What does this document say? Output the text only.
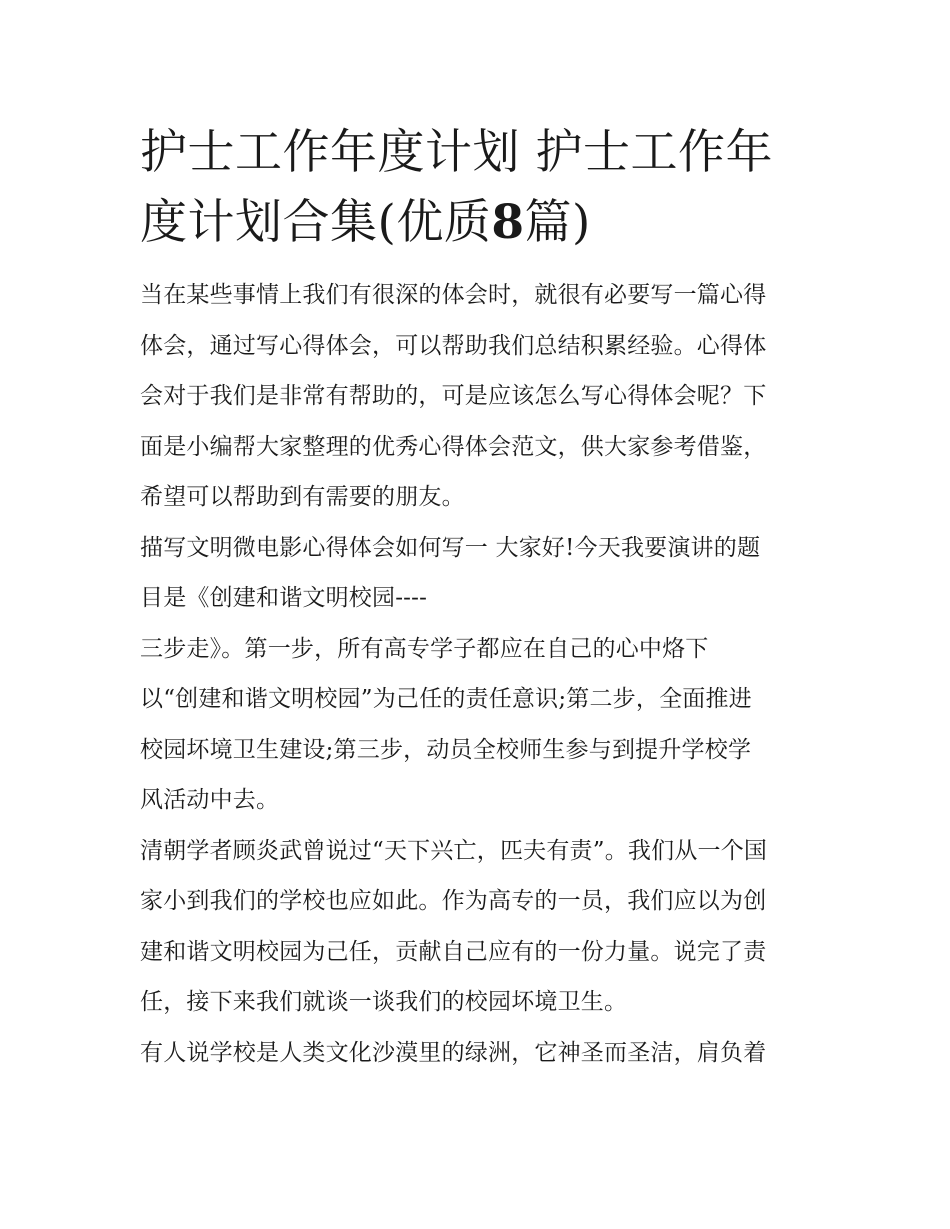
护士工作年度计划 护士工作年
度计划合集(优质8篇)
当在某些事情上我们有很深的体会时，就很有必要写一篇心得
体会，通过写心得体会，可以帮助我们总结积累经验。心得体
会对于我们是非常有帮助的，可是应该怎么写心得体会呢？下
面是小编帮大家整理的优秀心得体会范文，供大家参考借鉴，
希望可以帮助到有需要的朋友。
描写文明微电影心得体会如何写一 大家好!今天我要演讲的题
目是《创建和谐文明校园----
三步走》。第一步，所有高专学子都应在自己的心中烙下
以“创建和谐文明校园”为己任的责任意识;第二步，全面推进
校园坏境卫生建设;第三步，动员全校师生参与到提升学校学
风活动中去。
清朝学者顾炎武曾说过“天下兴亡，匹夫有责”。我们从一个国
家小到我们的学校也应如此。作为高专的一员，我们应以为创
建和谐文明校园为己任，贡献自己应有的一份力量。说完了责
任，接下来我们就谈一谈我们的校园坏境卫生。
有人说学校是人类文化沙漠里的绿洲，它神圣而圣洁，肩负着
